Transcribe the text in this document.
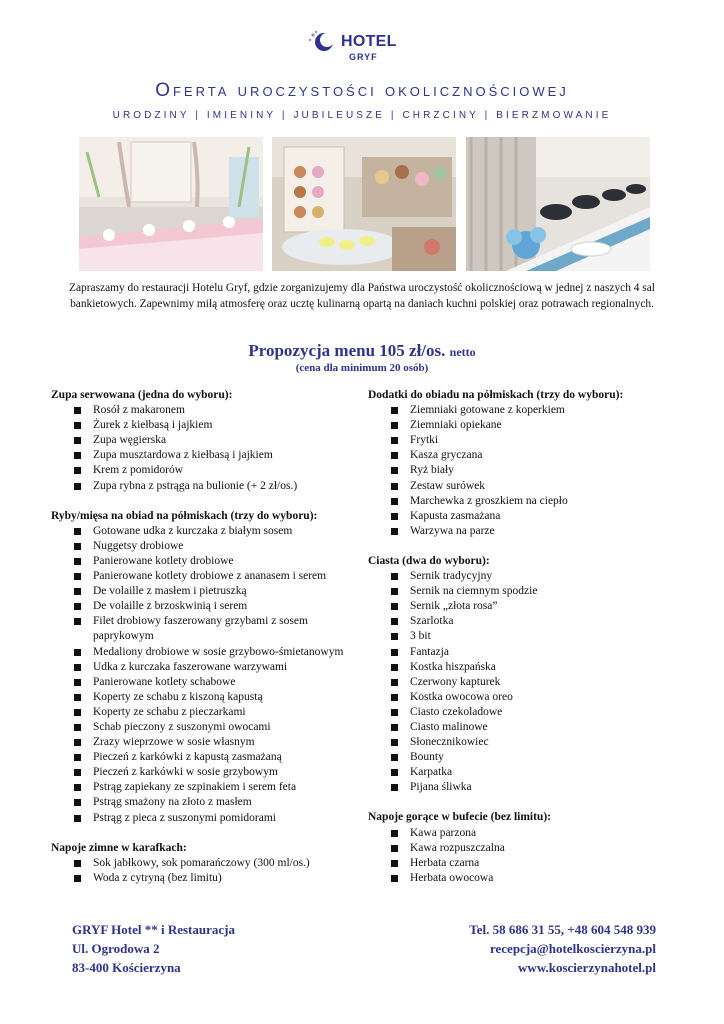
HOTEL
GRYF
Oferta uroczystości okolicznościowej
URODZINY | IMIENINY | JUBILEUSZE | CHRZCINY | BIERZMOWANIE
Zapraszamy do restauracji Hotelu Gryf, gdzie zorganizujemy dla Państwa uroczystość okolicznościową w jednej z naszych 4 sal bankietowych. Zapewnimy miłą atmosferę oraz ucztę kulinarną opartą na daniach kuchni polskiej oraz potrawach regionalnych.
Propozycja menu 105 zł/os. netto
(cena dla minimum 20 osób)
Zupa serwowana (jedna do wyboru):
Rosół z makaronem
Żurek z kiełbasą i jajkiem
Zupa węgierska
Zupa musztardowa z kiełbasą i jajkiem
Krem z pomidorów
Zupa rybna z pstrąga na bulionie (+ 2 zł/os.)
Ryby/mięsa na obiad na półmiskach (trzy do wyboru):
Gotowane udka z kurczaka z białym sosem
Nuggetsy drobiowe
Panierowane kotlety drobiowe
Panierowane kotlety drobiowe z ananasem i serem
De volaille z masłem i pietruszką
De volaille z brzoskwinią i serem
Filet drobiowy faszerowany grzybami z sosem paprykowym
Medaliony drobiowe w sosie grzybowo-śmietanowym
Udka z kurczaka faszerowane warzywami
Panierowane kotlety schabowe
Koperty ze schabu z kiszoną kapustą
Koperty ze schabu z pieczarkami
Schab pieczony z suszonymi owocami
Zrazy wieprzowe w sosie własnym
Pieczeń z karkówki z kapustą zasmażaną
Pieczeń z karkówki w sosie grzybowym
Pstrąg zapiekany ze szpinakiem i serem feta
Pstrąg smażony na złoto z masłem
Pstrąg z pieca z suszonymi pomidorami
Napoje zimne w karafkach:
Sok jabłkowy, sok pomarańczowy (300 ml/os.)
Woda z cytryną (bez limitu)
Dodatki do obiadu na półmiskach (trzy do wyboru):
Ziemniaki gotowane z koperkiem
Ziemniaki opiekane
Frytki
Kasza gryczana
Ryż biały
Zestaw surówek
Marchewka z groszkiem na ciepło
Kapusta zasmażana
Warzywa na parze
Ciasta (dwa do wyboru):
Sernik tradycyjny
Sernik na ciemnym spodzie
Sernik „złota rosa”
Szarlotka
3 bit
Fantazja
Kostka hiszpańska
Czerwony kapturek
Kostka owocowa oreo
Ciasto czekoladowe
Ciasto malinowe
Słonecznikowiec
Bounty
Karpatka
Pijana śliwka
Napoje gorące w bufecie (bez limitu):
Kawa parzona
Kawa rozpuszczalna
Herbata czarna
Herbata owocowa
GRYF Hotel ** i Restauracja
Ul. Ogrodowa 2
83-400 Kościerzyna
Tel. 58 686 31 55, +48 604 548 939
recepcja@hotelkoscierzyna.pl
www.koscierzynahotel.pl
